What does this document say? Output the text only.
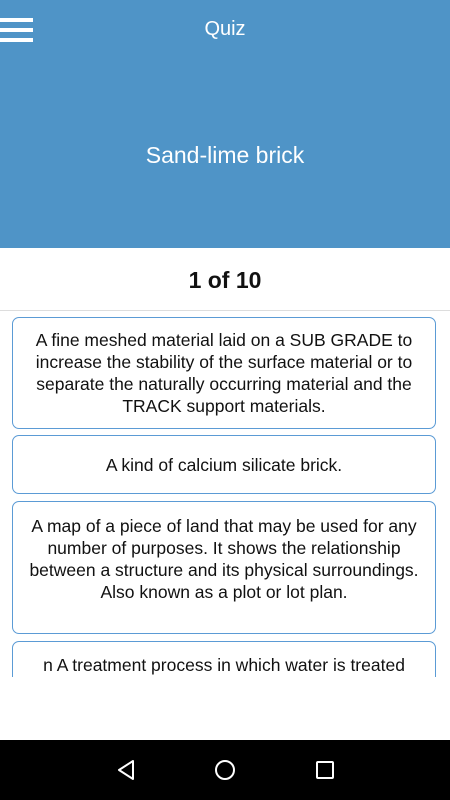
Quiz
Sand-lime brick
1 of 10
A fine meshed material laid on a SUB GRADE to increase the stability of the surface material or to separate the naturally occurring material and the TRACK support materials.
A kind of calcium silicate brick.
A map of a piece of land that may be used for any number of purposes. It shows the relationship between a structure and its physical surroundings. Also known as a plot or lot plan.
n A treatment process in which water is treated
